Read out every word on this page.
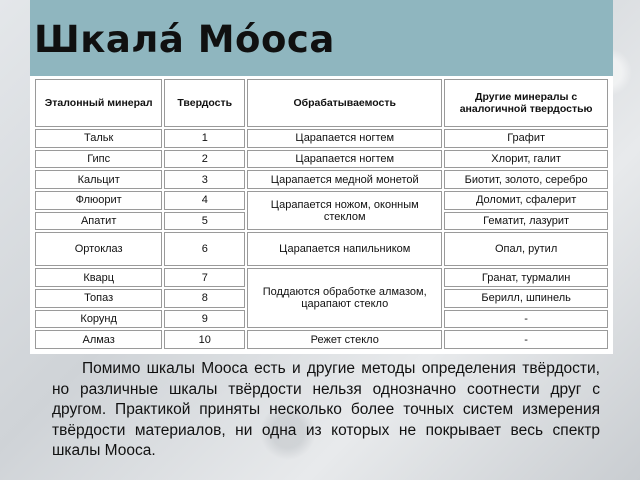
Шкала́ Мо́оса
Эталонный минерал	Твердость	Обрабатываемость	Другие минералы с аналогичной твердостью
Тальк	1	Царапается ногтем	Графит
Гипс	2	Царапается ногтем	Хлорит, галит
Кальцит	3	Царапается медной монетой	Биотит, золото, серебро
Флюорит	4	Царапается ножом, оконным стеклом	Доломит, сфалерит
Апатит	5		Гематит, лазурит
Ортоклаз	6	Царапается напильником	Опал, рутил
Кварц	7	Поддаются обработке алмазом, царапают стекло	Гранат, турмалин
Топаз	8		Берилл, шпинель
Корунд	9		-
Алмаз	10	Режет стекло	-

Помимо шкалы Мооса есть и другие методы определения твёрдости, но различные шкалы твёрдости нельзя однозначно соотнести друг с другом. Практикой приняты несколько более точных систем измерения твёрдости материалов, ни одна из которых не покрывает весь спектр шкалы Мооса.
